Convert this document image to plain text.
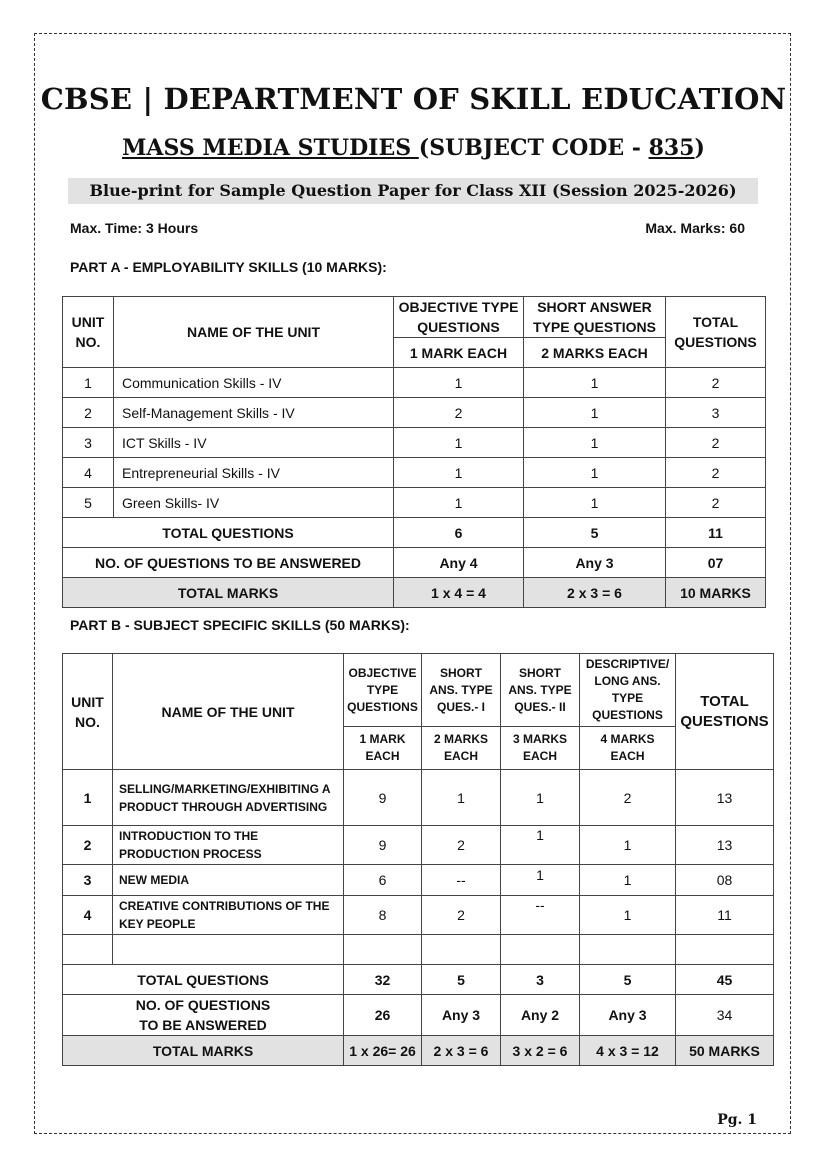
CBSE | DEPARTMENT OF SKILL EDUCATION
MASS MEDIA STUDIES (SUBJECT CODE - 835)
Blue-print for Sample Question Paper for Class XII (Session 2025-2026)
Max. Time: 3 Hours	Max. Marks: 60
PART A - EMPLOYABILITY SKILLS (10 MARKS):
UNIT NO.	NAME OF THE UNIT	OBJECTIVE TYPE QUESTIONS	SHORT ANSWER TYPE QUESTIONS	TOTAL QUESTIONS
		1 MARK EACH	2 MARKS EACH	
1	Communication Skills - IV	1	1	2
2	Self-Management Skills - IV	2	1	3
3	ICT Skills - IV	1	1	2
4	Entrepreneurial Skills - IV	1	1	2
5	Green Skills- IV	1	1	2
TOTAL QUESTIONS		6	5	11
NO. OF QUESTIONS TO BE ANSWERED		Any 4	Any 3	07
TOTAL MARKS		1 x 4 = 4	2 x 3 = 6	10 MARKS
PART B - SUBJECT SPECIFIC SKILLS (50 MARKS):
UNIT NO.	NAME OF THE UNIT	OBJECTIVE TYPE QUESTIONS	SHORT ANS. TYPE QUES.- I	SHORT ANS. TYPE QUES.- II	DESCRIPTIVE/ LONG ANS. TYPE QUESTIONS	TOTAL QUESTIONS
		1 MARK EACH	2 MARKS EACH	3 MARKS EACH	4 MARKS EACH	
1	SELLING/MARKETING/EXHIBITING A PRODUCT THROUGH ADVERTISING	9	1	1	2	13
2	INTRODUCTION TO THE PRODUCTION PROCESS	9	2	1	1	13
3	NEW MEDIA	6	--	1	1	08
4	CREATIVE CONTRIBUTIONS OF THE KEY PEOPLE	8	2	--	1	11

TOTAL QUESTIONS		32	5	3	5	45

NO. OF QUESTIONS
TO BE ANSWERED		26	Any 3	Any 2	Any 3	34
TOTAL MARKS		1 x 26= 26	2 x 3 = 6	3 x 2 = 6	4 x 3 = 12	50 MARKS
Pg. 1
